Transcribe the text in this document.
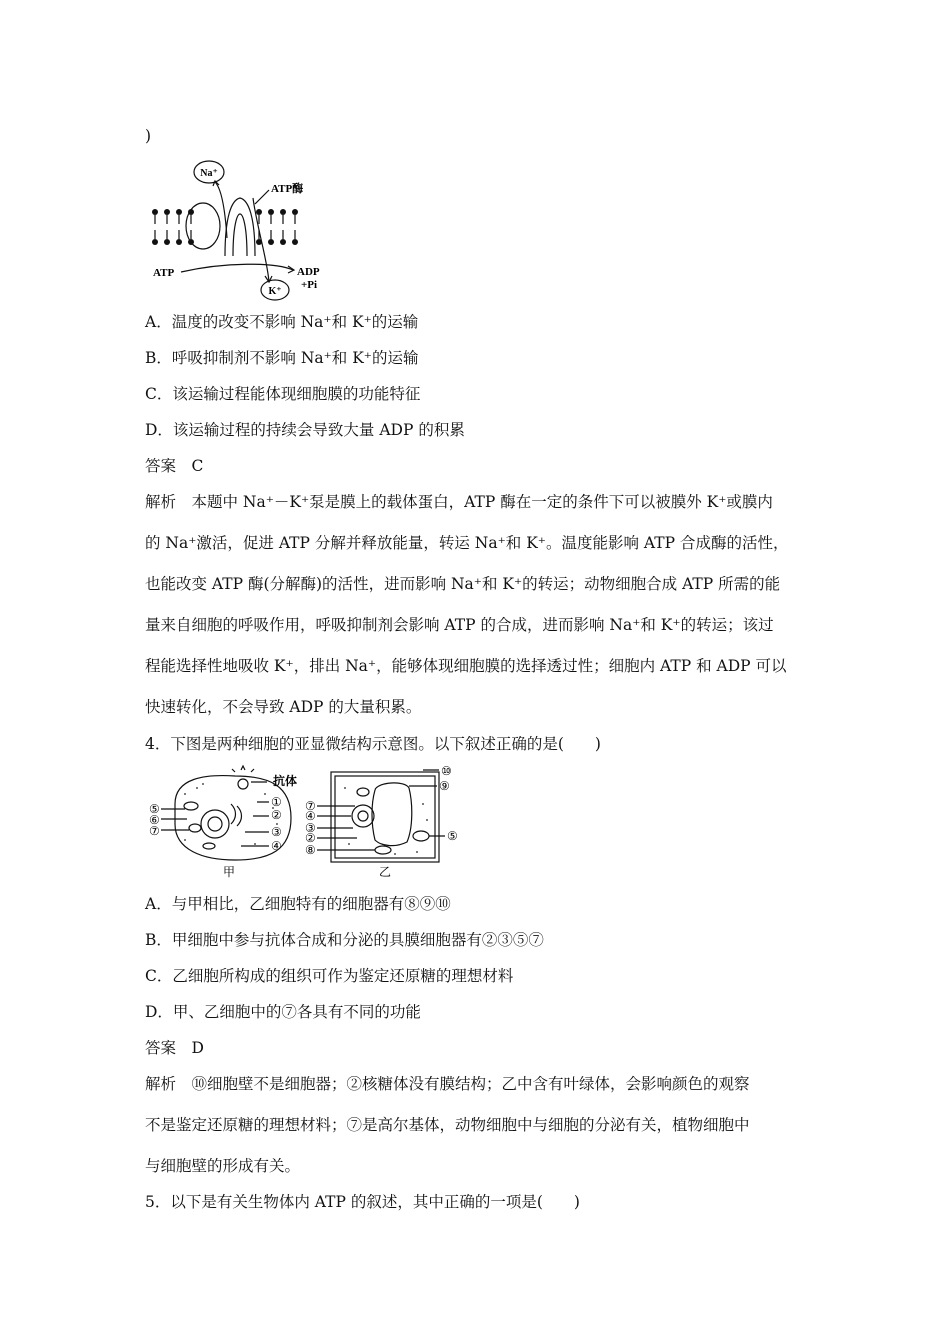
)
Na⁺
K⁺
ATP酶
ATP	ADP
+Pi
A．温度的改变不影响 Na⁺和 K⁺的运输
B．呼吸抑制剂不影响 Na⁺和 K⁺的运输
C．该运输过程能体现细胞膜的功能特征
D．该运输过程的持续会导致大量 ADP 的积累
答案　C
解析　本题中 Na⁺－K⁺泵是膜上的载体蛋白，ATP 酶在一定的条件下可以被膜外 K⁺或膜内
的 Na⁺激活，促进 ATP 分解并释放能量，转运 Na⁺和 K⁺。温度能影响 ATP 合成酶的活性，
也能改变 ATP 酶(分解酶)的活性，进而影响 Na⁺和 K⁺的转运；动物细胞合成 ATP 所需的能
量来自细胞的呼吸作用，呼吸抑制剂会影响 ATP 的合成，进而影响 Na⁺和 K⁺的转运；该过
程能选择性地吸收 K⁺，排出 Na⁺，能够体现细胞膜的选择透过性；细胞内 ATP 和 ADP 可以
快速转化，不会导致 ADP 的大量积累。
4．下图是两种细胞的亚显微结构示意图。以下叙述正确的是(　　)
抗体
⑤
⑥
⑦
①
②
③
④
甲
⑦
④
③
②
⑧
⑩
⑨
⑤
乙
A．与甲相比，乙细胞特有的细胞器有⑧⑨⑩
B．甲细胞中参与抗体合成和分泌的具膜细胞器有②③⑤⑦
C．乙细胞所构成的组织可作为鉴定还原糖的理想材料
D．甲、乙细胞中的⑦各具有不同的功能
答案　D
解析　⑩细胞壁不是细胞器；②核糖体没有膜结构；乙中含有叶绿体，会影响颜色的观察
不是鉴定还原糖的理想材料；⑦是高尔基体，动物细胞中与细胞的分泌有关，植物细胞中
与细胞壁的形成有关。
5．以下是有关生物体内 ATP 的叙述，其中正确的一项是(　　)
